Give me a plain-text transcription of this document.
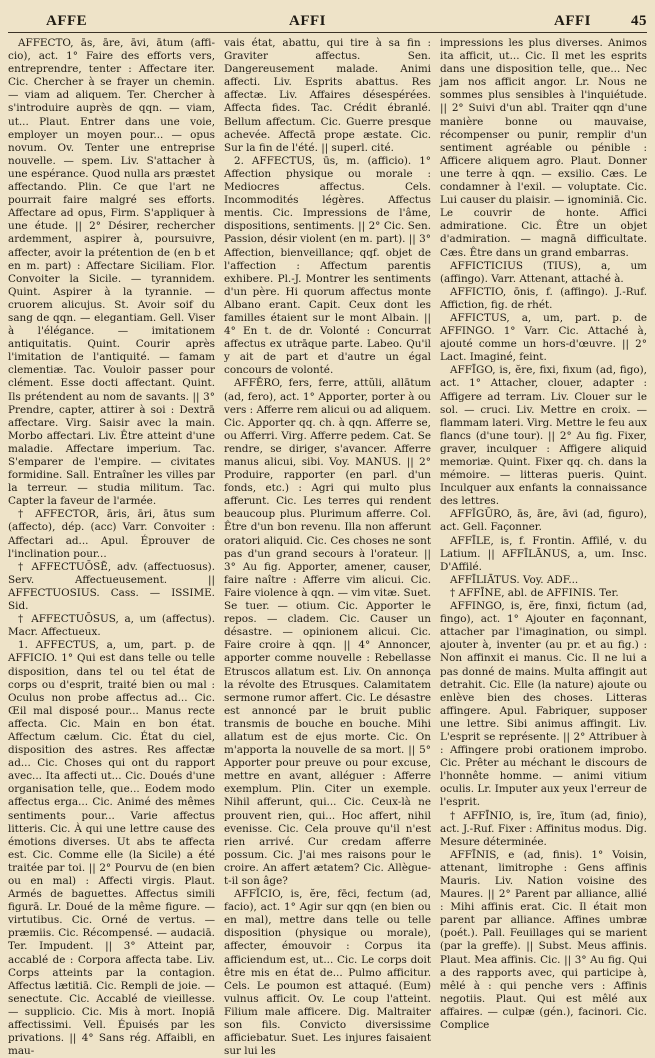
AFFE	AFFI	AFFI	45

AFFECTO, ās, āre, āvi, ātum (affi-cio), act. 1° Faire des efforts vers, entreprendre, tenter : Affectare iter. Cic. Chercher à se frayer un chemin. — viam ad aliquem. Ter. Chercher à s'introduire auprès de qqn. — viam, ut... Plaut. Entrer dans une voie, employer un moyen pour... — opus novum. Ov. Tenter une entreprise nouvelle. — spem. Liv. S'attacher à une espérance. Quod nulla ars præstet affectando. Plin. Ce que l'art ne pourrait faire malgré ses efforts. Affectare ad opus, Firm. S'appliquer à une étude. || 2° Désirer, rechercher ardemment, aspirer à, poursuivre, affecter, avoir la prétention de (en b et en m. part) : Affectare Siciliam. Flor. Convoiter la Sicile. — tyrannidem. Quint. Aspirer à la tyrannie. — cruorem alicujus. St. Avoir soif du sang de qqn. — elegantiam. Gell. Viser à l'élégance. — imitationem antiquitatis. Quint. Courir après l'imitation de l'antiquité. — famam clementiæ. Tac. Vouloir passer pour clément. Esse docti affectant. Quint. Ils prétendent au nom de savants. || 3° Prendre, capter, attirer à soi : Dextrā affectare. Virg. Saisir avec la main. Morbo affectari. Liv. Être atteint d'une maladie. Affectare imperium. Tac. S'emparer de l'empire. — civitates formidine. Sall. Entraîner les villes par la terreur. — studia militum. Tac. Capter la faveur de l'armée.

† AFFECTOR, āris, āri, ātus sum (affecto), dép. (acc) Varr. Convoiter : Affectari ad... Apul. Éprouver de l'inclination pour...

† AFFECTUŌSĒ, adv. (affectuosus). Serv. Affectueusement. || AFFECTUOSIUS. Cass. — ISSIME. Sid.

† AFFECTUŌSUS, a, um (affectus). Macr. Affectueux.

1. AFFECTUS, a, um, part. p. de AFFICIO. 1° Qui est dans telle ou telle disposition, dans tel ou tel état de corps ou d'esprit, traité bien ou mal : Oculus non probe affectus ad... Cic. Œil mal disposé pour... Manus recte affecta. Cic. Main en bon état. Affectum cælum. Cic. État du ciel, disposition des astres. Res affectæ ad... Cic. Choses qui ont du rapport avec... Ita affecti ut... Cic. Doués d'une organisation telle, que... Eodem modo affectus erga... Cic. Animé des mêmes sentiments pour... Varie affectus litteris. Cic. À qui une lettre cause des émotions diverses. Ut abs te affecta est. Cic. Comme elle (la Sicile) a été traitée par toi. || 2° Pourvu de (en bien ou en mal) : Affecti virgis. Plaut. Armés de baguettes. Affectus simili figurā. Lr. Doué de la même figure. — virtutibus. Cic. Orné de vertus. — præmiis. Cic. Récompensé. — audaciā. Ter. Impudent. || 3° Atteint par, accablé de : Corpora affecta tabe. Liv. Corps atteints par la contagion. Affectus lætitiā. Cic. Rempli de joie. — senectute. Cic. Accablé de vieillesse. — supplicio. Cic. Mis à mort. Inopiā affectissimi. Vell. Épuisés par les privations. || 4° Sans rég. Affaibli, en mau-

vais état, abattu, qui tire à sa fin : Graviter affectus. Sen. Dangereusement malade. Animi affecti. Liv. Esprits abattus. Res affectæ. Liv. Affaires désespérées. Affecta fides. Tac. Crédit ébranlé. Bellum affectum. Cic. Guerre presque achevée. Affectā prope æstate. Cic. Sur la fin de l'été. || superl. cité.

2. AFFECTUS, ūs, m. (afficio). 1° Affection physique ou morale : Mediocres affectus. Cels. Incommodités légères. Affectus mentis. Cic. Impressions de l'âme, dispositions, sentiments. || 2° Cic. Sen. Passion, désir violent (en m. part). || 3° Affection, bienveillance; qqf. objet de l'affection : Affectum parentis exhibere. Pl.-J. Montrer les sentiments d'un père. Hi quorum affectus monte Albano erant. Capit. Ceux dont les familles étaient sur le mont Albain. || 4° En t. de dr. Volonté : Concurrat affectus ex utrāque parte. Labeo. Qu'il y ait de part et d'autre un égal concours de volonté.

AFFĔRO, fers, ferre, attŭli, allātum (ad, fero), act. 1° Apporter, porter à ou vers : Afferre rem alicui ou ad aliquem. Cic. Apporter qq. ch. à qqn. Afferre se, ou Afferri. Virg. Afferre pedem. Cat. Se rendre, se diriger, s'avancer. Afferre manus alicui, sibi. Voy. MANUS. || 2° Produire, rapporter (en parl. d'un fonds, etc.) : Agri qui multo plus afferunt. Cic. Les terres qui rendent beaucoup plus. Plurimum afferre. Col. Être d'un bon revenu. Illa non afferunt oratori aliquid. Cic. Ces choses ne sont pas d'un grand secours à l'orateur. || 3° Au fig. Apporter, amener, causer, faire naître : Afferre vim alicui. Cic. Faire violence à qqn. — vim vitæ. Suet. Se tuer. — otium. Cic. Apporter le repos. — cladem. Cic. Causer un désastre. — opinionem alicui. Cic. Faire croire à qqn. || 4° Annoncer, apporter comme nouvelle : Rebellasse Etruscos allatum est. Liv. On annonça la révolte des Etrusques. Calamitatem sermone rumor affert. Cic. Le désastre est annoncé par le bruit public transmis de bouche en bouche. Mihi allatum est de ejus morte. Cic. On m'apporta la nouvelle de sa mort. || 5° Apporter pour preuve ou pour excuse, mettre en avant, alléguer : Afferre exemplum. Plin. Citer un exemple. Nihil afferunt, qui... Cic. Ceux-là ne prouvent rien, qui... Hoc affert, nihil evenisse. Cic. Cela prouve qu'il n'est rien arrivé. Cur credam afferre possum. Cic. J'ai mes raisons pour le croire. An affert ætatem? Cic. Allègue-t-il son âge?

AFFĬCIO, is, ĕre, fēci, fectum (ad, facio), act. 1° Agir sur qqn (en bien ou en mal), mettre dans telle ou telle disposition (physique ou morale), affecter, émouvoir : Corpus ita afficiendum est, ut... Cic. Le corps doit être mis en état de... Pulmo afficitur. Cels. Le poumon est attaqué. (Eum) vulnus afficit. Ov. Le coup l'atteint. Filium male afficere. Dig. Maltraiter son fils. Convicto diversissime afficiebatur. Suet. Les injures faisaient sur lui les

impressions les plus diverses. Animos ita afficit, ut... Cic. Il met les esprits dans une disposition telle, que... Nec jam nos afficit angor. Lr. Nous ne sommes plus sensibles à l'inquiétude. || 2° Suivi d'un abl. Traiter qqn d'une manière bonne ou mauvaise, récompenser ou punir, remplir d'un sentiment agréable ou pénible : Afficere aliquem agro. Plaut. Donner une terre à qqn. — exsilio. Cæs. Le condamner à l'exil. — voluptate. Cic. Lui causer du plaisir. — ignominiā. Cic. Le couvrir de honte. Affici admiratione. Cic. Être un objet d'admiration. — magnā difficultate. Cæs. Être dans un grand embarras.

AFFICTICIUS (TIUS), a, um (affingo). Varr. Attenant, attaché à.

AFFICTIO, ōnis, f. (affingo). J.-Ruf. Affiction, fig. de rhét.

AFFICTUS, a, um, part. p. de AFFINGO. 1° Varr. Cic. Attaché à, ajouté comme un hors-d'œuvre. || 2° Lact. Imaginé, feint.

AFFĪGO, is, ĕre, fixi, fixum (ad, figo), act. 1° Attacher, clouer, adapter : Affigere ad terram. Liv. Clouer sur le sol. — cruci. Liv. Mettre en croix. — flammam lateri. Virg. Mettre le feu aux flancs (d'une tour). || 2° Au fig. Fixer, graver, inculquer : Affigere aliquid memoriæ. Quint. Fixer qq. ch. dans la mémoire. — litteras pueris. Quint. Inculquer aux enfants la connaissance des lettres.

AFFĬGŪRO, ās, āre, āvi (ad, figuro), act. Gell. Façonner.

AFFĪLE, is, f. Frontin. Affilé, v. du Latium. || AFFĪLĀNUS, a, um. Insc. D'Affilé.

AFFĪLIĀTUS. Voy. ADF...

† AFFĪNE, abl. de AFFINIS. Ter.

AFFINGO, is, ĕre, finxi, fictum (ad, fingo), act. 1° Ajouter en façonnant, attacher par l'imagination, ou simpl. ajouter à, inventer (au pr. et au fig.) : Non affinxit ei manus. Cic. Il ne lui a pas donné de mains. Multa affingit aut detrahit. Cic. Elle (la nature) ajoute ou enlève bien des choses. Litteras affingere. Apul. Fabriquer, supposer une lettre. Sibi animus affingit. Liv. L'esprit se représente. || 2° Attribuer à : Affingere probi orationem improbo. Cic. Prêter au méchant le discours de l'honnête homme. — animi vitium oculis. Lr. Imputer aux yeux l'erreur de l'esprit.

† AFFĪNIO, is, īre, ītum (ad, finio), act. J.-Ruf. Fixer : Affinitus modus. Dig. Mesure déterminée.

AFFĪNIS, e (ad, finis). 1° Voisin, attenant, limitrophe : Gens affinis Mauris. Liv. Nation voisine des Maures. || 2° Parent par alliance, allié : Mihi affinis erat. Cic. Il était mon parent par alliance. Affines umbræ (poét.). Pall. Feuillages qui se marient (par la greffe). || Subst. Meus affinis. Plaut. Mea affinis. Cic. || 3° Au fig. Qui a des rapports avec, qui participe à, mêlé à : qui penche vers : Affinis negotiis. Plaut. Qui est mêlé aux affaires. — culpæ (gén.), facinori. Cic. Complice
